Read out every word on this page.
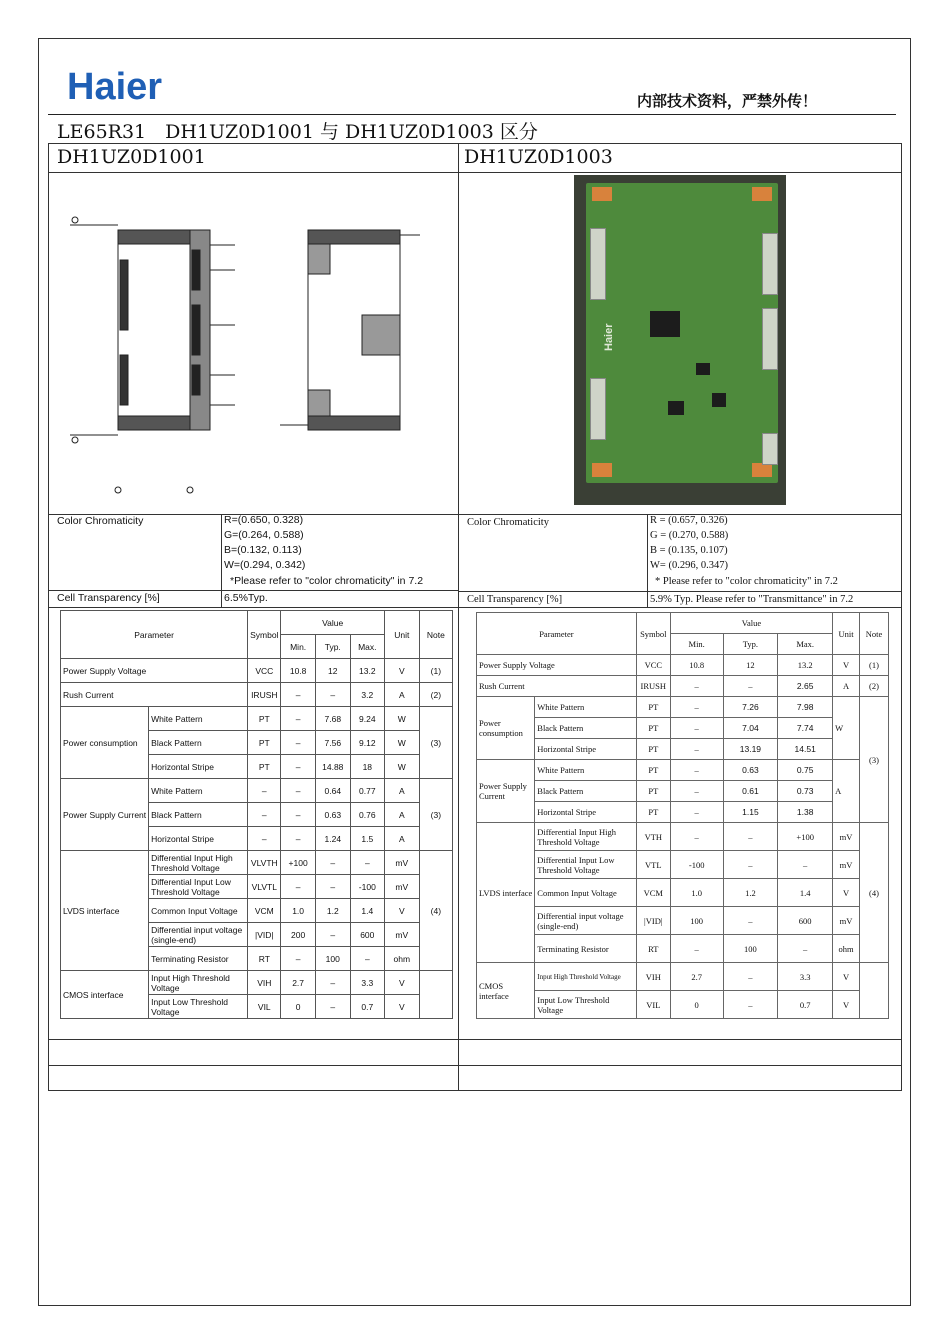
Haier	内部技术资料，严禁外传！
LE65R31　DH1UZ0D1001 与 DH1UZ0D1003 区分
DH1UZ0D1001	DH1UZ0D1003
Haier
Color Chromaticity	R=(0.650, 0.328)
G=(0.264, 0.588)
B=(0.132, 0.113)
W=(0.294, 0.342)
*Please refer to "color chromaticity" in 7.2
Cell Transparency [%]	6.5%Typ.
Color Chromaticity	R = (0.657, 0.326)
G = (0.270, 0.588)
B = (0.135, 0.107)
W= (0.296, 0.347)
* Please refer to "color chromaticity" in 7.2
Cell Transparency [%]	5.9% Typ. Please refer to "Transmittance" in 7.2
Parameter		Symbol	Value			Unit	Note
			Min.	Typ.	Max.		
Power Supply Voltage		VCC	10.8	12	13.2	V	(1)
Rush Current		IRUSH	–	–	3.2	A	(2)
Power consumption	White Pattern	PT	–	7.68	9.24	W	(3)
	Black Pattern	PT	–	7.56	9.12	W	
	Horizontal Stripe	PT	–	14.88	18	W	
Power Supply Current	White Pattern	–	–	0.64	0.77	A	(3)
	Black Pattern	–	–	0.63	0.76	A	
	Horizontal Stripe	–	–	1.24	1.5	A	
LVDS interface	Differential Input High Threshold Voltage	VLVTH	+100	–	–	mV	(4)
	Differential Input Low Threshold Voltage	VLVTL	–	–	-100	mV	
	Common Input Voltage	VCM	1.0	1.2	1.4	V	
	Differential input voltage (single-end)	|VID|	200	–	600	mV	
	Terminating Resistor	RT	–	100	–	ohm	
CMOS interface	Input High Threshold Voltage	VIH	2.7	–	3.3	V	
	Input Low Threshold Voltage	VIL	0	–	0.7	V	
Parameter		Symbol	Value			Unit	Note
			Min.	Typ.	Max.		
Power Supply Voltage		VCC	10.8	12	13.2	V	(1)
Rush Current		IRUSH	–	–	2.65	A	(2)
Power consumption	White Pattern	PT	–	7.26	7.98	W	(3)
	Black Pattern	PT	–	7.04	7.74		
	Horizontal Stripe	PT	–	13.19	14.51		
Power Supply Current	White Pattern	PT	–	0.63	0.75	A	
	Black Pattern	PT	–	0.61	0.73		
	Horizontal Stripe	PT	–	1.15	1.38		
LVDS interface	Differential Input High Threshold Voltage	VTH	–	–	+100	mV	(4)
	Differential Input Low Threshold Voltage	VTL	-100	–	–	mV	
	Common Input Voltage	VCM	1.0	1.2	1.4	V	
	Differential input voltage (single-end)	|VID|	100	–	600	mV	
	Terminating Resistor	RT	–	100	–	ohm	
CMOS interface	Input High Threshold Voltage	VIH	2.7	–	3.3	V	
	Input Low Threshold Voltage	VIL	0	–	0.7	V	
